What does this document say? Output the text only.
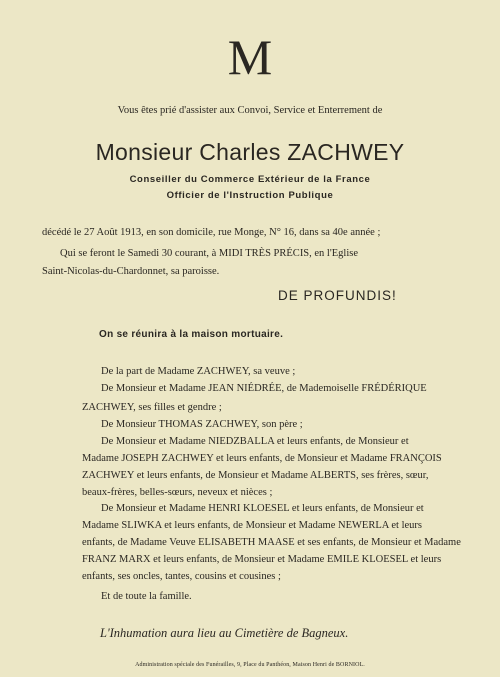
M

Vous êtes prié d'assister aux Convoi, Service et Enterrement de

Monsieur Charles ZACHWEY

Conseiller du Commerce Extérieur de la France

Officier de l'Instruction Publique

décédé le 27 Août 1913, en son domicile, rue Monge, N° 16, dans sa 40e année ;

Qui se feront le Samedi 30 courant, à MIDI TRÈS PRÉCIS, en l'Eglise

Saint-Nicolas-du-Chardonnet, sa paroisse.

DE PROFUNDIS!

On se réunira à la maison mortuaire.

De la part de Madame ZACHWEY, sa veuve ;

De Monsieur et Madame JEAN NIÉDRÉE, de Mademoiselle FRÉDÉRIQUE

ZACHWEY, ses filles et gendre ;

De Monsieur THOMAS ZACHWEY, son père ;

De Monsieur et Madame NIEDZBALLA et leurs enfants, de Monsieur et

Madame JOSEPH ZACHWEY et leurs enfants, de Monsieur et Madame FRANÇOIS

ZACHWEY et leurs enfants, de Monsieur et Madame ALBERTS, ses frères, sœur,

beaux-frères, belles-sœurs, neveux et nièces ;

De Monsieur et Madame HENRI KLOESEL et leurs enfants, de Monsieur et

Madame SLIWKA et leurs enfants, de Monsieur et Madame NEWERLA et leurs

enfants, de Madame Veuve ELISABETH MAASE et ses enfants, de Monsieur et Madame

FRANZ MARX et leurs enfants, de Monsieur et Madame EMILE KLOESEL et leurs

enfants, ses oncles, tantes, cousins et cousines ;

Et de toute la famille.

L'Inhumation aura lieu au Cimetière de Bagneux.

Administration spéciale des Funérailles, 9, Place du Panthéon, Maison Henri de BORNIOL.
